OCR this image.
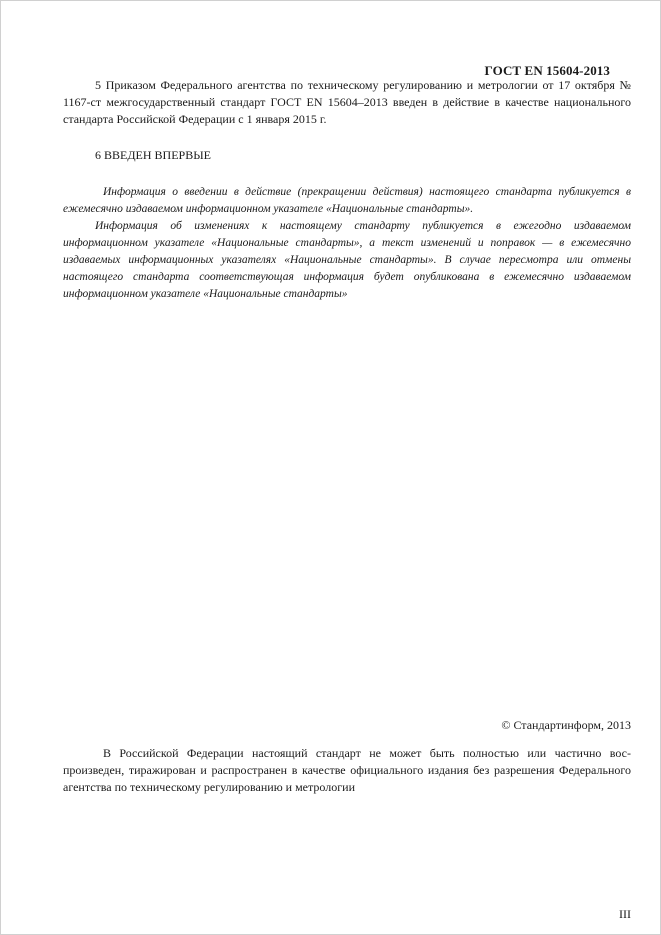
ГОСТ EN 15604-2013

5 Приказом Федерального агентства по техническому регулированию и метрологии от 17 октября № 1167-ст межгосударственный стандарт ГОСТ EN 15604–2013 введен в действие в качестве национального стандарта Российской Федерации с 1 января 2015 г.

6 ВВЕДЕН ВПЕРВЫЕ

Информация о введении в действие (прекращении действия) настоящего стандарта публикуется в ежемесячно издаваемом информационном указателе «Национальные стандарты».

Информация об изменениях к настоящему стандарту публикуется в ежегодно издаваемом информационном указателе «Национальные стандарты», а текст изменений и поправок — в ежемесячно издаваемых информационных указателях «Национальные стандарты». В случае пересмотра или отмены настоящего стандарта соответствующая информация будет опубликована в ежемесячно издаваемом информационном указателе «Национальные стандарты»

© Стандартинформ, 2013

В Российской Федерации настоящий стандарт не может быть полностью или частично вос-произведен, тиражирован и распространен в качестве официального издания без разрешения Федерального агентства по техническому регулированию и метрологии

III
